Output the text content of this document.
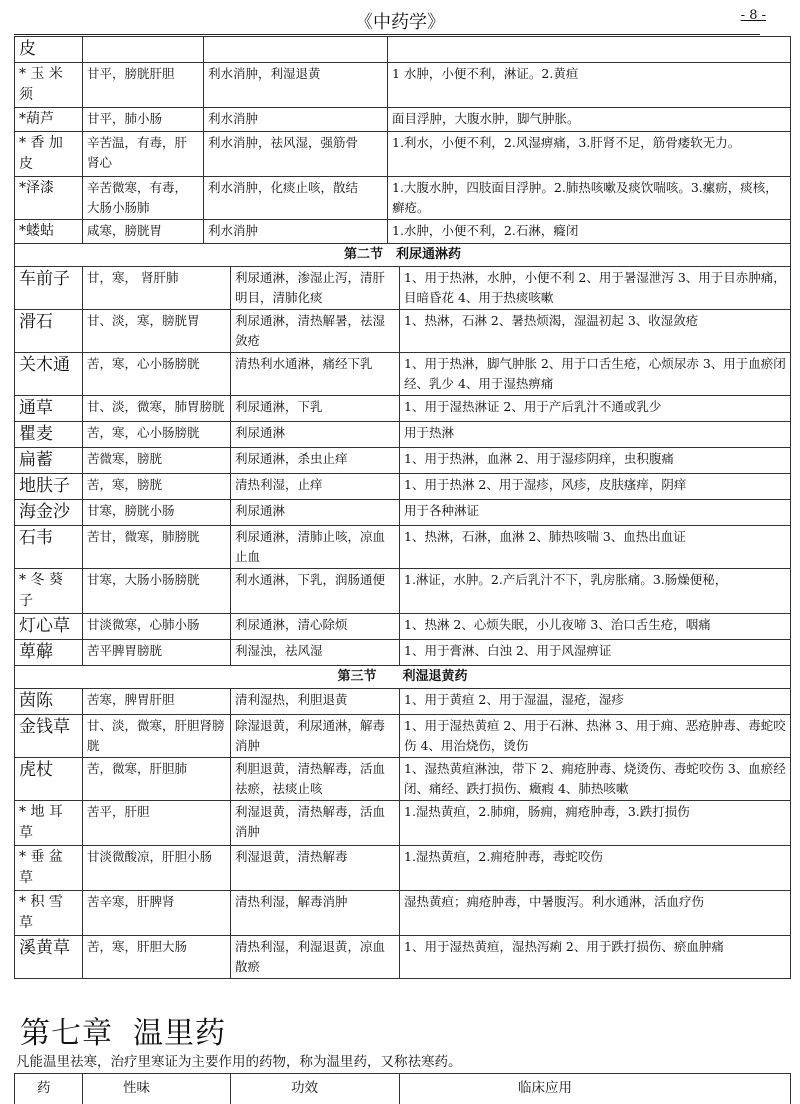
《中药学》	- 8 -
皮			
* 玉 米 须	甘平，膀胱肝胆	利水消肿，利湿退黄	1 水肿，小便不利，淋证。2.黄疸
*葫芦	甘平，肺小肠	利水消肿	面目浮肿，大腹水肿，脚气肿胀。
* 香 加 皮	辛苦温，有毒，肝肾心	利水消肿，祛风湿，强筋骨	1.利水，小便不利，2.风湿痹痛，3.肝肾不足，筋骨痿软无力。
*泽漆	辛苦微寒，有毒，大肠小肠肺	利水消肿，化痰止咳，散结	1.大腹水肿，四肢面目浮肿。2.肺热咳嗽及痰饮喘咳。3.瘰疬，痰核，癣疮。
*蝼蛄	咸寒，膀胱胃	利水消肿	1.水肿，小便不利，2.石淋，癃闭
第二节　利尿通淋药			
车前子	甘，寒， 肾肝肺	利尿通淋，渗湿止泻，清肝明目，清肺化痰	1、用于热淋，水肿，小便不利 2、用于暑湿泄泻 3、用于目赤肿痛，目暗昏花 4、用于热痰咳嗽
滑石	甘、淡，寒，膀胱胃	利尿通淋，清热解暑，祛湿敛疮	1、热淋，石淋 2、暑热烦渴，湿温初起 3、收湿敛疮
关木通	苦，寒，心小肠膀胱	清热利水通淋，痛经下乳	1、用于热淋，脚气肿胀 2、用于口舌生疮，心烦尿赤 3、用于血瘀闭经、乳少 4、用于湿热痹痛
通草	甘、淡，微寒，肺胃膀胱	利尿通淋，下乳	1、用于湿热淋证 2、用于产后乳汁不通或乳少
瞿麦	苦，寒，心小肠膀胱	利尿通淋	用于热淋
扁蓄	苦微寒，膀胱	利尿通淋，杀虫止痒	1、用于热淋，血淋 2、用于湿疹阴痒，虫积腹痛
地肤子	苦，寒，膀胱	清热利湿，止痒	1、用于热淋 2、用于湿疹，风疹，皮肤瘙痒，阴痒
海金沙	甘寒，膀胱小肠	利尿通淋	用于各种淋证
石韦	苦甘，微寒，肺膀胱	利尿通淋，清肺止咳，凉血止血	1、热淋，石淋，血淋 2、肺热咳喘 3、血热出血证
* 冬 葵 子	甘寒，大肠小肠膀胱	利水通淋，下乳，润肠通便	1.淋证，水肿。2.产后乳汁不下，乳房胀痛。3.肠燥便秘，
灯心草	甘淡微寒，心肺小肠	利尿通淋，清心除烦	1、热淋 2、心烦失眠，小儿夜啼 3、治口舌生疮，咽痛
萆薢	苦平脾胃膀胱	利湿浊，祛风湿	1、用于膏淋、白浊 2、用于风湿痹证
第三节　　利湿退黄药			
茵陈	苦寒，脾胃肝胆	清利湿热，利胆退黄	1、用于黄疸 2、用于湿温，湿疮，湿疹
金钱草	甘、淡，微寒，肝胆肾膀胱	除湿退黄，利尿通淋，解毒消肿	1、用于湿热黄疸 2、用于石淋、热淋 3、用于痈、恶疮肿毒、毒蛇咬伤 4、用治烧伤，烫伤
虎杖	苦，微寒，肝胆肺	利胆退黄，清热解毒，活血祛瘀，祛痰止咳	1、湿热黄疸淋浊，带下 2、痈疮肿毒、烧烫伤、毒蛇咬伤 3、血瘀经闭、痛经、跌打损伤、癥瘕 4、肺热咳嗽
* 地 耳 草	苦平，肝胆	利湿退黄，清热解毒，活血消肿	1.湿热黄疸，2.肺痈，肠痈，痈疮肿毒，3.跌打损伤
* 垂 盆 草	甘淡微酸凉，肝胆小肠	利湿退黄，清热解毒	1.湿热黄疸，2.痈疮肿毒，毒蛇咬伤
* 积 雪 草	苦辛寒，肝脾肾	清热利湿，解毒消肿	湿热黄疸；痈疮肿毒，中暑腹泻。利水通淋，活血疗伤
溪黄草	苦，寒，肝胆大肠	清热利湿，利湿退黄，凉血散瘀	1、用于湿热黄疸，湿热泻痢 2、用于跌打损伤、瘀血肿痛
第七章 温里药
凡能温里祛寒，治疗里寒证为主要作用的药物，称为温里药，又称祛寒药。
药	性味	功效	临床应用
